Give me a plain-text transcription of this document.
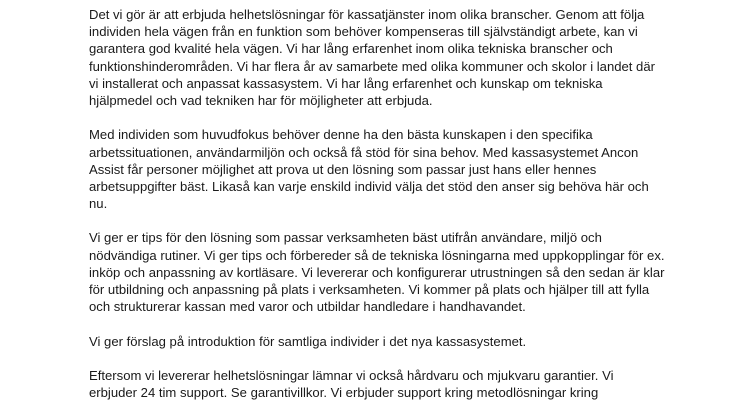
Det vi gör är att erbjuda helhetslösningar för kassatjänster inom olika branscher. Genom att följa
individen hela vägen från en funktion som behöver kompenseras till självständigt arbete, kan vi
garantera god kvalité hela vägen. Vi har lång erfarenhet inom olika tekniska branscher och
funktionshinderområden. Vi har flera år av samarbete med olika kommuner och skolor i landet där
vi installerat och anpassat kassasystem. Vi har lång erfarenhet och kunskap om tekniska
hjälpmedel och vad tekniken har för möjligheter att erbjuda.
Med individen som huvudfokus behöver denne ha den bästa kunskapen i den specifika
arbetssituationen, användarmiljön och också få stöd för sina behov. Med kassasystemet Ancon
Assist får personer möjlighet att prova ut den lösning som passar just hans eller hennes
arbetsuppgifter bäst. Likaså kan varje enskild individ välja det stöd den anser sig behöva här och
nu.
Vi ger er tips för den lösning som passar verksamheten bäst utifrån användare, miljö och
nödvändiga rutiner. Vi ger tips och förbereder så de tekniska lösningarna med uppkopplingar för ex.
inköp och anpassning av kortläsare. Vi levererar och konfigurerar utrustningen så den sedan är klar
för utbildning och anpassning på plats i verksamheten. Vi kommer på plats och hjälper till att fylla
och strukturerar kassan med varor och utbildar handledare i handhavandet.
Vi ger förslag på introduktion för samtliga individer i det nya kassasystemet.
Eftersom vi levererar helhetslösningar lämnar vi också hårdvaru och mjukvaru garantier. Vi
erbjuder 24 tim support. Se garantivillkor. Vi erbjuder support kring metodlösningar kring
